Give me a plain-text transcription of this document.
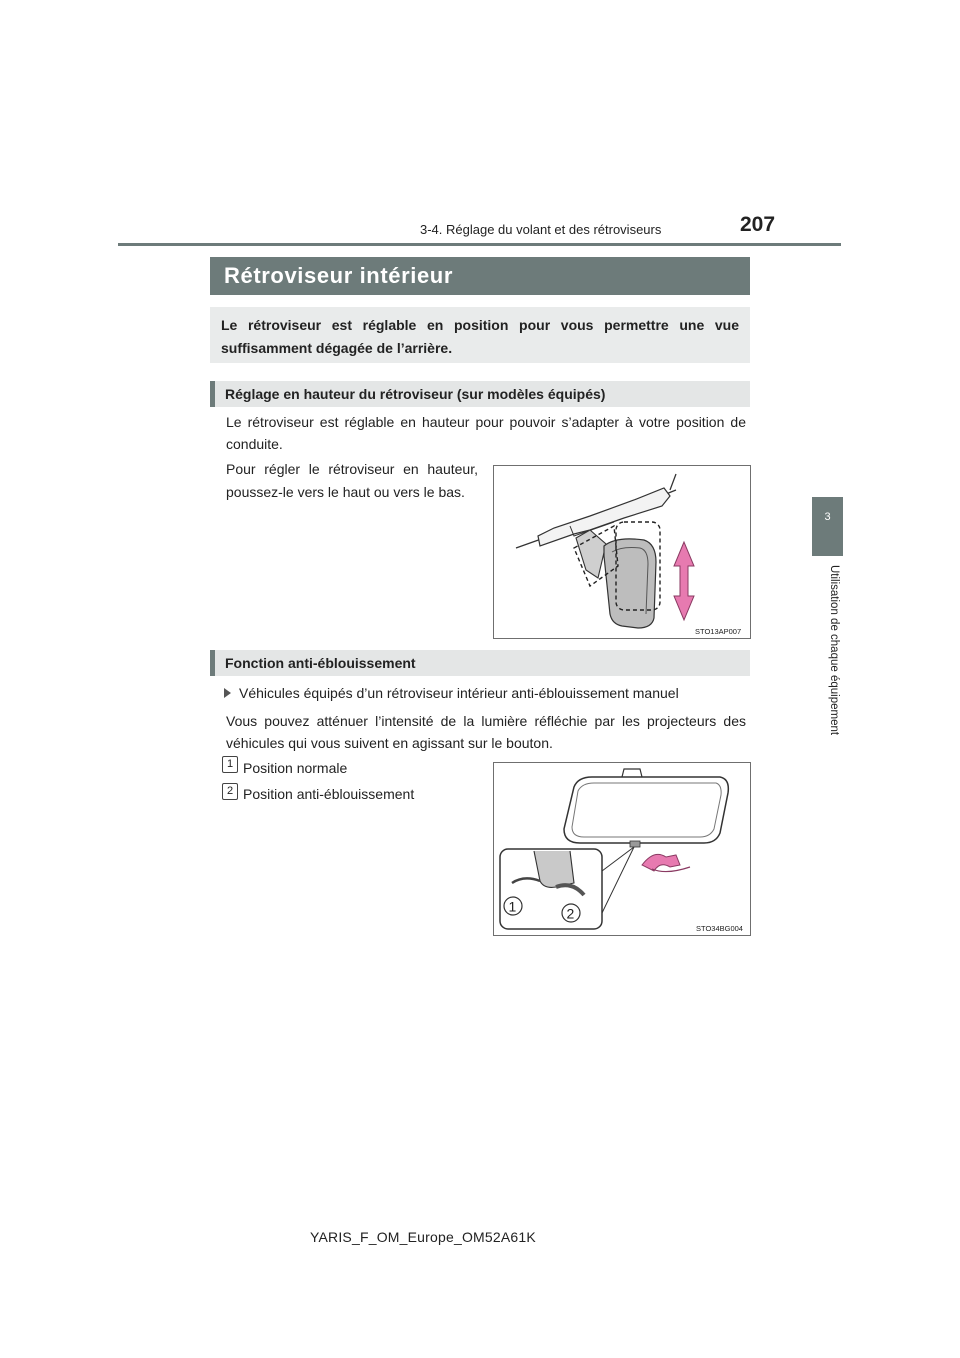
3-4. Réglage du volant et des rétroviseurs	207
3
Utilisation de chaque équipement
Rétroviseur intérieur

Le rétroviseur est réglable en position pour vous permettre une vue suffisamment dégagée de l’arrière.

Réglage en hauteur du rétroviseur (sur modèles équipés)

Le rétroviseur est réglable en hauteur pour pouvoir s’adapter à votre position de conduite.

Pour régler le rétroviseur en hauteur, poussez-le vers le haut ou vers le bas.

STO13AP007
Fonction anti-éblouissement
Véhicules équipés d’un rétroviseur intérieur anti-éblouissement manuel

Vous pouvez atténuer l’intensité de la lumière réfléchie par les projecteurs des véhicules qui vous suivent en agissant sur le bouton.

1 Position normale
2 Position anti-éblouissement
1	2
STO34BG004
YARIS_F_OM_Europe_OM52A61K
